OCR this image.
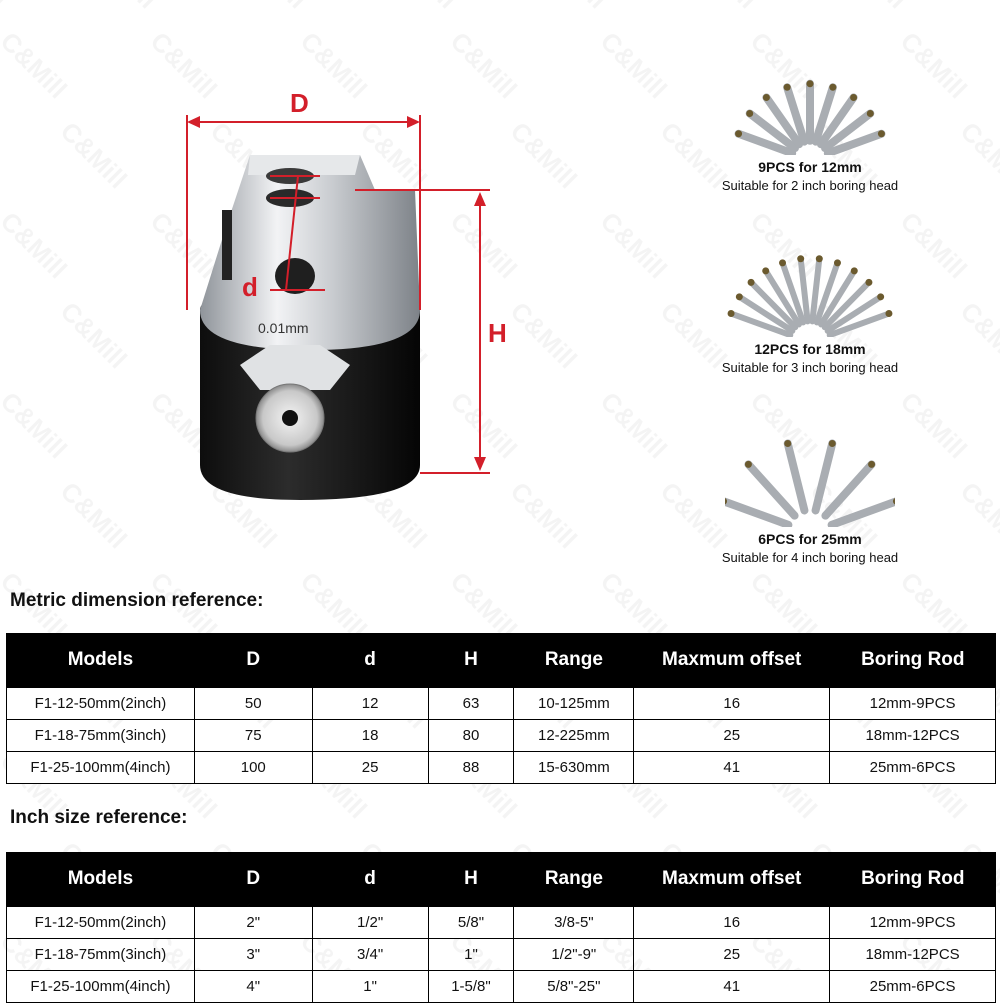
D
d
H
0.01mm
9PCS for 12mm
Suitable for 2 inch boring head
12PCS for 18mm
Suitable for 3 inch boring head
6PCS for 25mm
Suitable for 4 inch boring head
Metric dimension reference:
Models	D	d	H	Range	Maxmum offset	Boring Rod
F1-12-50mm(2inch)	50	12	63	10-125mm	16	12mm-9PCS
F1-18-75mm(3inch)	75	18	80	12-225mm	25	18mm-12PCS
F1-25-100mm(4inch)	100	25	88	15-630mm	41	25mm-6PCS
Inch size reference:
Models	D	d	H	Range	Maxmum offset	Boring Rod
F1-12-50mm(2inch)	2"	1/2"	5/8"	3/8-5"	16	12mm-9PCS
F1-18-75mm(3inch)	3"	3/4"	1"	1/2"-9"	25	18mm-12PCS
F1-25-100mm(4inch)	4"	1"	1-5/8"	5/8"-25"	41	25mm-6PCS
